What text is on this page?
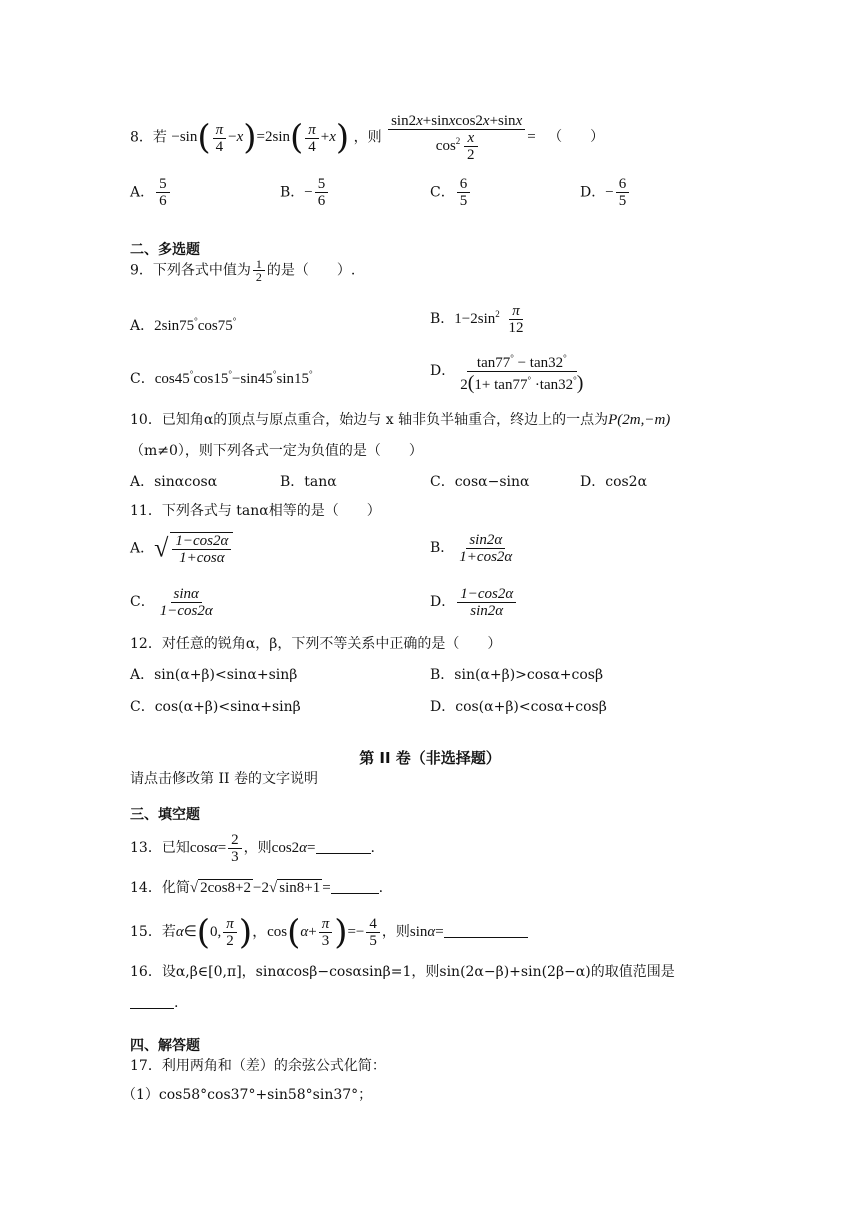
8．若 $-\sin( \frac{\pi}{4} -x)=2\sin( \frac{\pi}{4} +x)$ ，则 $\frac{\text{sin2x+sinxcos2x+sinx}}{\cos^2 \frac{x}{2}}$ = （　　）
A． $\frac{5}{6}$	B．− $\frac{5}{6}$	C． $\frac{6}{5}$	D．− $\frac{6}{5}$
二、多选题
9．下列各式中值为 $\frac{1}{2}$ 的是（　　）.
A．2sin75°cos75°	B．$1-2\sin^2 \frac{\pi}{12}$
C．cos45°cos15°−sin45°sin15°	D． $\frac{\tan 77^\circ - \tan 32^\circ}{2(1+ \tan 77^\circ \cdot\tan 32^\circ)}$
10．已知角α的顶点与原点重合，始边与 x 轴非负半轴重合，终边上的一点为P(2m,−m)
（m≠0），则下列各式一定为负值的是（　　）
A．sinαcosα	B．tanα	C．cosα−sinα	D．cos2α
11．下列各式与 tanα相等的是（　　）
A．√ $\frac{1-\cos 2\alpha}{1+\cos\alpha}$	B． $\frac{\sin 2\alpha}{1+\cos 2\alpha}$
C． $\frac{\sin\alpha}{1-\cos 2\alpha}$	D． $\frac{1-\cos 2\alpha}{\sin 2\alpha}$
12．对任意的锐角α，β，下列不等关系中正确的是（　　）
A．sin(α+β)<sinα+sinβ	B．sin(α+β)>cosα+cosβ
C．cos(α+β)<sinα+sinβ	D．cos(α+β)<cosα+cosβ
第 II 卷（非选择题）
请点击修改第 II 卷的文字说明
三、填空题
13．已知$\cos\alpha= \frac{2}{3}$ ，则cos2α=	.
14．化简√ 2cos8+2 −2√ sin8+1 =	.
15．若α∈(0, $\frac{\pi}{2}$ )，$\cos(\alpha+ \frac{\pi}{3}$ )=− $\frac{4}{5}$ ，则sinα=
16．设α,β∈[0,π]，sinαcosβ−cosαsinβ=1，则sin(2α−β)+sin(2β−α)的取值范围是
.
四、解答题
17．利用两角和（差）的余弦公式化简：
（1）cos58°cos37°+sin58°sin37°；
